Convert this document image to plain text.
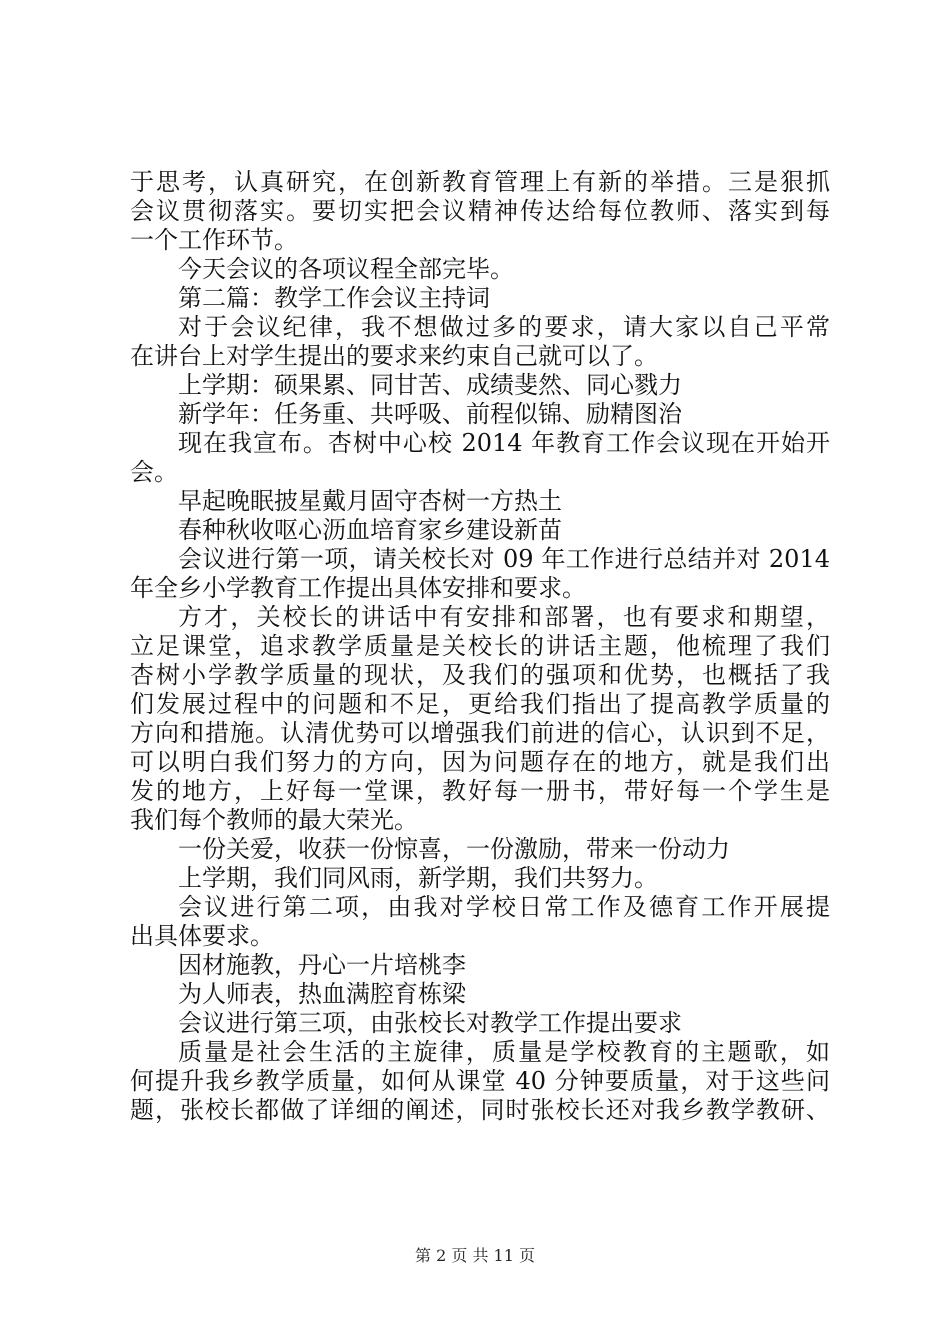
于思考，认真研究，在创新教育管理上有新的举措。三是狠抓
会议贯彻落实。要切实把会议精神传达给每位教师、落实到每
一个工作环节。
今天会议的各项议程全部完毕。
第二篇：教学工作会议主持词
对于会议纪律，我不想做过多的要求，请大家以自己平常
在讲台上对学生提出的要求来约束自己就可以了。
上学期：硕果累、同甘苦、成绩斐然、同心戮力
新学年：任务重、共呼吸、前程似锦、励精图治
现在我宣布。杏树中心校 2014 年教育工作会议现在开始开
会。
早起晚眠披星戴月固守杏树一方热土
春种秋收呕心沥血培育家乡建设新苗
会议进行第一项，请关校长对 09 年工作进行总结并对 2014
年全乡小学教育工作提出具体安排和要求。
方才，关校长的讲话中有安排和部署，也有要求和期望，
立足课堂，追求教学质量是关校长的讲话主题，他梳理了我们
杏树小学教学质量的现状，及我们的强项和优势，也概括了我
们发展过程中的问题和不足，更给我们指出了提高教学质量的
方向和措施。认清优势可以增强我们前进的信心，认识到不足，
可以明白我们努力的方向，因为问题存在的地方，就是我们出
发的地方，上好每一堂课，教好每一册书，带好每一个学生是
我们每个教师的最大荣光。
一份关爱，收获一份惊喜，一份激励，带来一份动力
上学期，我们同风雨，新学期，我们共努力。
会议进行第二项，由我对学校日常工作及德育工作开展提
出具体要求。
因材施教，丹心一片培桃李
为人师表，热血满腔育栋梁
会议进行第三项，由张校长对教学工作提出要求
质量是社会生活的主旋律，质量是学校教育的主题歌，如
何提升我乡教学质量，如何从课堂 40 分钟要质量，对于这些问
题，张校长都做了详细的阐述，同时张校长还对我乡教学教研、
第 2 页 共 11 页
